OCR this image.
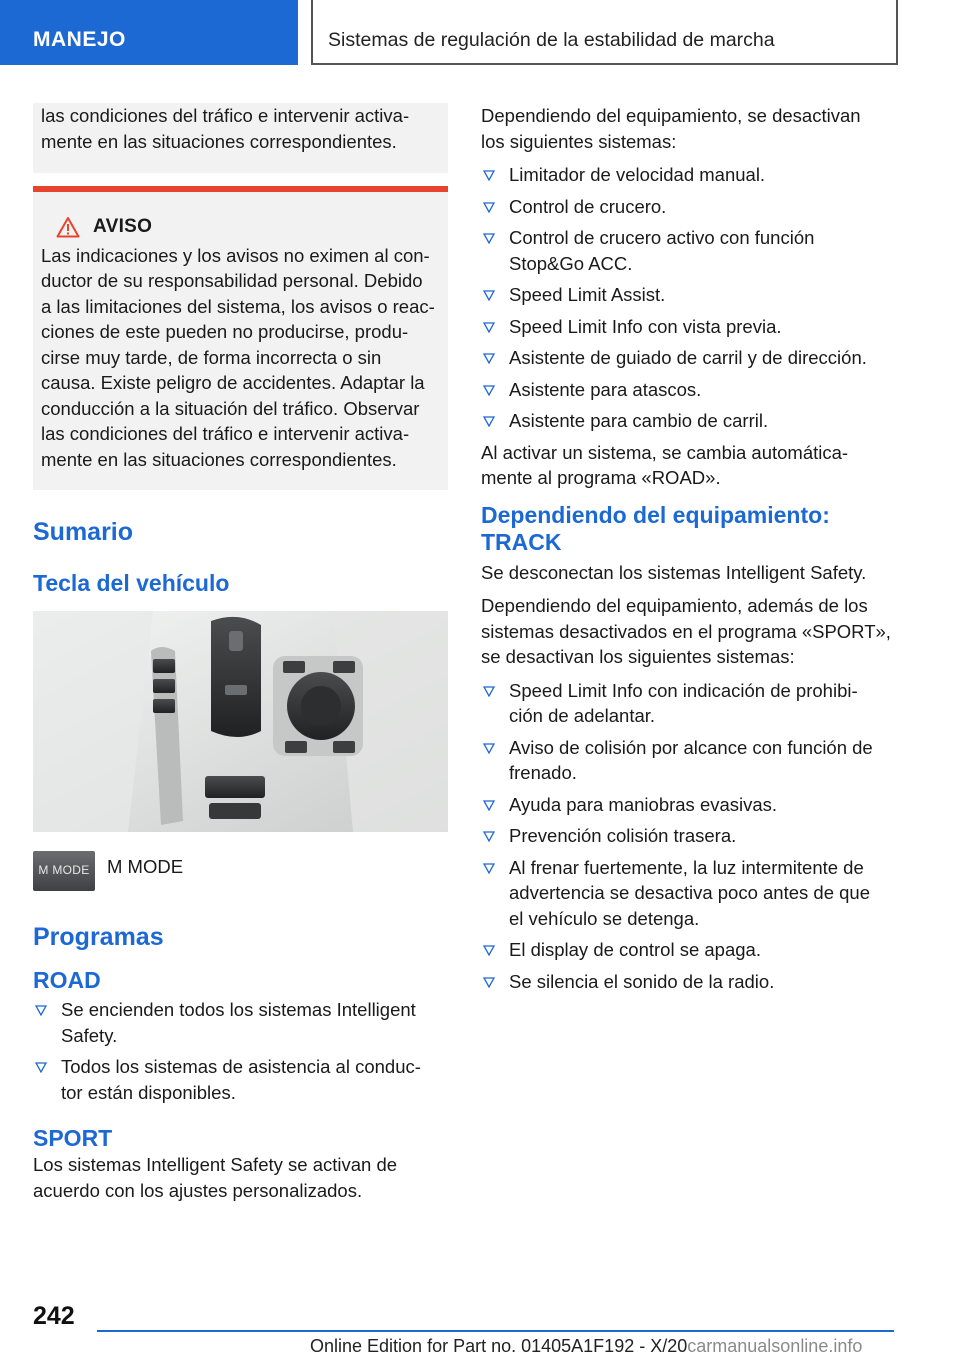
MANEJO	Sistemas de regulación de la estabilidad de marcha
las condiciones del tráfico e intervenir activa-
mente en las situaciones correspondientes.
AVISO
Las indicaciones y los avisos no eximen al con-
ductor de su responsabilidad personal. Debido
a las limitaciones del sistema, los avisos o reac-
ciones de este pueden no producirse, produ-
cirse muy tarde, de forma incorrecta o sin
causa. Existe peligro de accidentes. Adaptar la
conducción a la situación del tráfico. Observar
las condiciones del tráfico e intervenir activa-
mente en las situaciones correspondientes.
Sumario
Tecla del vehículo
M MODE M MODE
Programas
ROAD
Se encienden todos los sistemas Intelligent
Safety.
Todos los sistemas de asistencia al conduc-
tor están disponibles.
SPORT
Los sistemas Intelligent Safety se activan de
acuerdo con los ajustes personalizados.
Dependiendo del equipamiento, se desactivan
los siguientes sistemas:
Limitador de velocidad manual.
Control de crucero.
Control de crucero activo con función
Stop&Go ACC.
Speed Limit Assist.
Speed Limit Info con vista previa.
Asistente de guiado de carril y de dirección.
Asistente para atascos.
Asistente para cambio de carril.
Al activar un sistema, se cambia automática-
mente al programa «ROAD».
Dependiendo del equipamiento:
TRACK
Se desconectan los sistemas Intelligent Safety.
Dependiendo del equipamiento, además de los
sistemas desactivados en el programa «SPORT»,
se desactivan los siguientes sistemas:
Speed Limit Info con indicación de prohibi-
ción de adelantar.
Aviso de colisión por alcance con función de
frenado.
Ayuda para maniobras evasivas.
Prevención colisión trasera.
Al frenar fuertemente, la luz intermitente de
advertencia se desactiva poco antes de que
el vehículo se detenga.
El display de control se apaga.
Se silencia el sonido de la radio.
242
Online Edition for Part no. 01405A1F192 - X/20carmanualsonline.info
